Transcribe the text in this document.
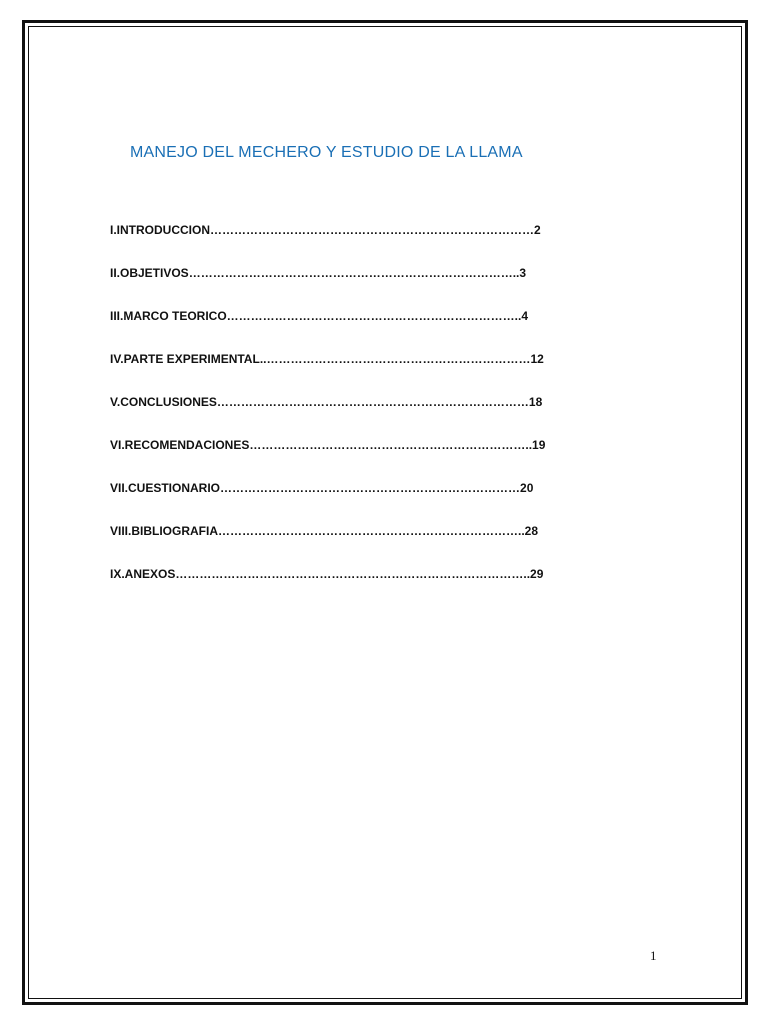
MANEJO DEL MECHERO Y ESTUDIO DE LA LLAMA
I.INTRODUCCION………………………………………………………………………2
II.OBJETIVOS………………………………………………………………………..3
III.MARCO TEORICO………………………………………………………………..4
IV.PARTE EXPERIMENTAL..…………………………………………………………12
V.CONCLUSIONES……………………………………………………………………18
VI.RECOMENDACIONES……………………………………………………………..19
VII.CUESTIONARIO…………………………………………………………………20
VIII.BIBLIOGRAFIA…………………………………………………………………..28
IX.ANEXOS……………………………………………………………………………..29
1
